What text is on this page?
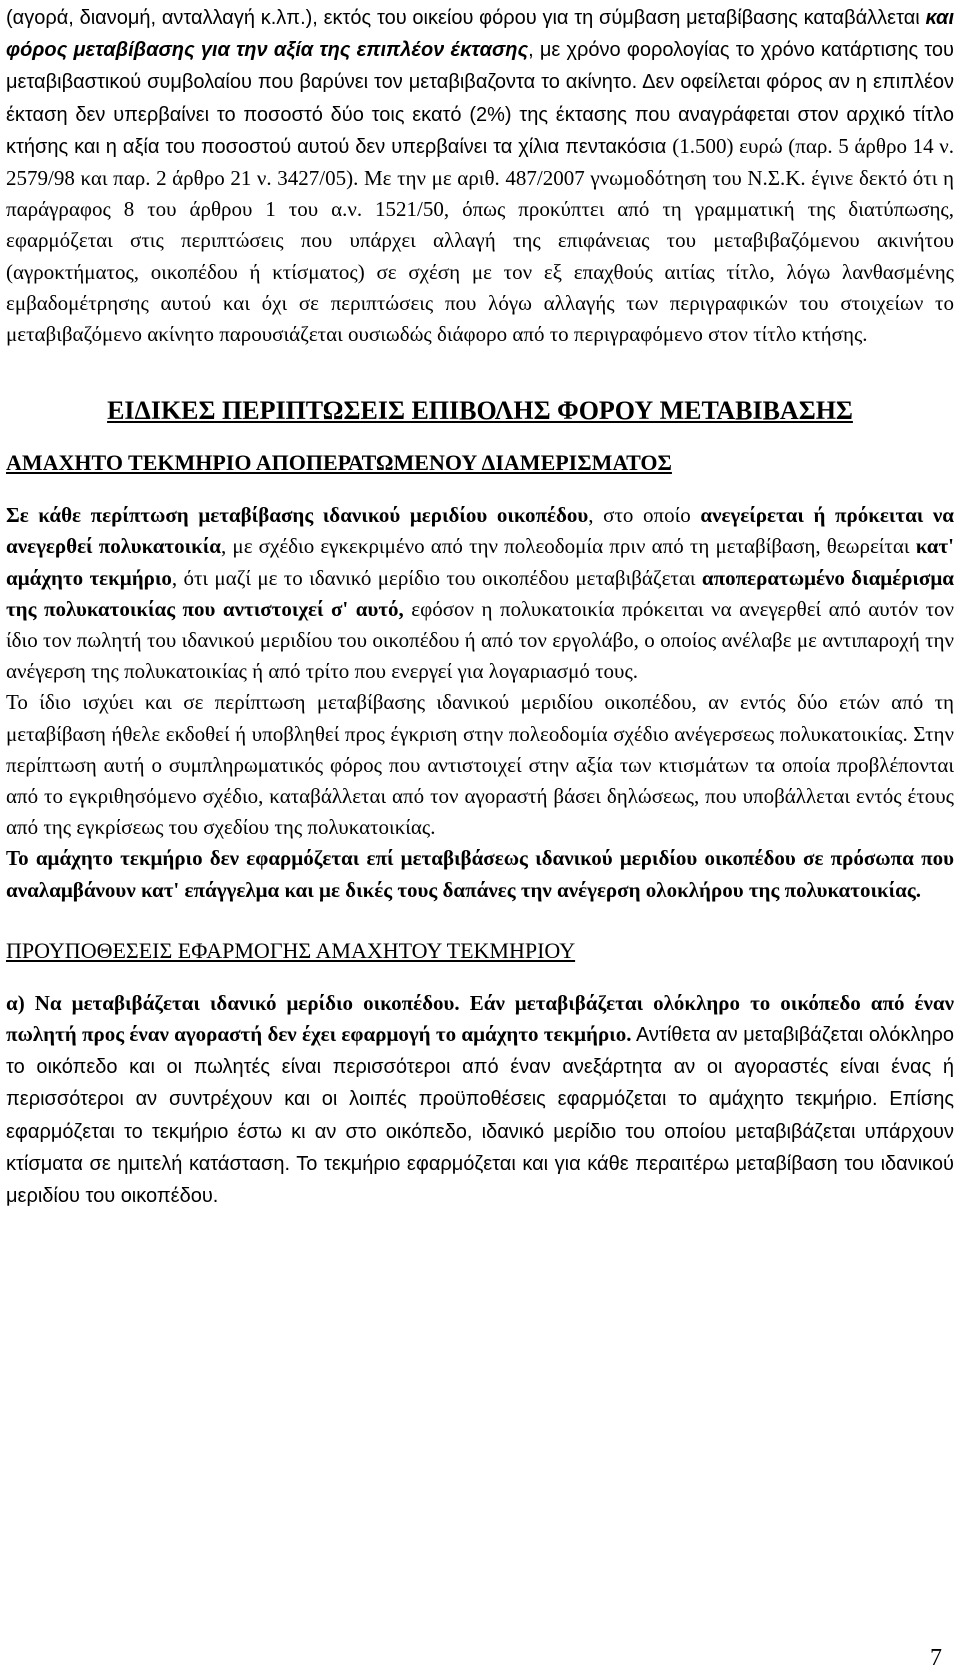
(αγορά, διανομή, ανταλλαγή κ.λπ.), εκτός του οικείου φόρου για τη σύμβαση μεταβίβασης καταβάλλεται και φόρος μεταβίβασης για την αξία της επιπλέον έκτασης, με χρόνο φορολογίας το χρόνο κατάρτισης του μεταβιβαστικού συμβολαίου που βαρύνει τον μεταβιβαζοντα το ακίνητο. Δεν οφείλεται φόρος αν η επιπλέον έκταση δεν υπερβαίνει το ποσοστό δύο τοις εκατό (2%) της έκτασης που αναγράφεται στον αρχικό τίτλο κτήσης και η αξία του ποσοστού αυτού δεν υπερβαίνει τα χίλια πεντακόσια (1.500) ευρώ (παρ. 5 άρθρο 14 ν. 2579/98 και παρ. 2 άρθρο 21 ν. 3427/05). Με την με αριθ. 487/2007 γνωμοδότηση του Ν.Σ.Κ. έγινε δεκτό ότι η παράγραφος 8 του άρθρου 1 του α.ν. 1521/50, όπως προκύπτει από τη γραμματική της διατύπωσης, εφαρμόζεται στις περιπτώσεις που υπάρχει αλλαγή της επιφάνειας του μεταβιβαζόμενου ακινήτου (αγροκτήματος, οικοπέδου ή κτίσματος) σε σχέση με τον εξ επαχθούς αιτίας τίτλο, λόγω λανθασμένης εμβαδομέτρησης αυτού και όχι σε περιπτώσεις που λόγω αλλαγής των περιγραφικών του στοιχείων το μεταβιβαζόμενο ακίνητο παρουσιάζεται ουσιωδώς διάφορο από το περιγραφόμενο στον τίτλο κτήσης.

ΕΙΔΙΚΕΣ ΠΕΡΙΠΤΩΣΕΙΣ ΕΠΙΒΟΛΗΣ ΦΟΡΟΥ ΜΕΤΑΒΙΒΑΣΗΣ
ΑΜΑΧΗΤΟ ΤΕΚΜΗΡΙΟ ΑΠΟΠΕΡΑΤΩΜΕΝΟΥ ΔΙΑΜΕΡΙΣΜΑΤΟΣ

Σε κάθε περίπτωση μεταβίβασης ιδανικού μεριδίου οικοπέδου, στο οποίο ανεγείρεται ή πρόκειται να ανεγερθεί πολυκατοικία, με σχέδιο εγκεκριμένο από την πολεοδομία πριν από τη μεταβίβαση, θεωρείται κατ' αμάχητο τεκμήριο, ότι μαζί με το ιδανικό μερίδιο του οικοπέδου μεταβιβάζεται αποπερατωμένο διαμέρισμα της πολυκατοικίας που αντιστοιχεί σ' αυτό, εφόσον η πολυκατοικία πρόκειται να ανεγερθεί από αυτόν τον ίδιο τον πωλητή του ιδανικού μεριδίου του οικοπέδου ή από τον εργολάβο, ο οποίος ανέλαβε με αντιπαροχή την ανέγερση της πολυκατοικίας ή από τρίτο που ενεργεί για λογαριασμό τους.

Το ίδιο ισχύει και σε περίπτωση μεταβίβασης ιδανικού μεριδίου οικοπέδου, αν εντός δύο ετών από τη μεταβίβαση ήθελε εκδοθεί ή υποβληθεί προς έγκριση στην πολεοδομία σχέδιο ανέγερσεως πολυκατοικίας. Στην περίπτωση αυτή ο συμπληρωματικός φόρος που αντιστοιχεί στην αξία των κτισμάτων τα οποία προβλέπονται από το εγκριθησόμενο σχέδιο, καταβάλλεται από τον αγοραστή βάσει δηλώσεως, που υποβάλλεται εντός έτους από της εγκρίσεως του σχεδίου της πολυκατοικίας.

Το αμάχητο τεκμήριο δεν εφαρμόζεται επί μεταβιβάσεως ιδανικού μεριδίου οικοπέδου σε πρόσωπα που αναλαμβάνουν κατ' επάγγελμα και με δικές τους δαπάνες την ανέγερση ολοκλήρου της πολυκατοικίας.

ΠΡΟΥΠΟΘΕΣΕΙΣ ΕΦΑΡΜΟΓΗΣ ΑΜΑΧΗΤΟΥ ΤΕΚΜΗΡΙΟΥ

α) Να μεταβιβάζεται ιδανικό μερίδιο οικοπέδου. Εάν μεταβιβάζεται ολόκληρο το οικόπεδο από έναν πωλητή προς έναν αγοραστή δεν έχει εφαρμογή το αμάχητο τεκμήριο. Αντίθετα αν μεταβιβάζεται ολόκληρο το οικόπεδο και οι πωλητές είναι περισσότεροι από έναν ανεξάρτητα αν οι αγοραστές είναι ένας ή περισσότεροι αν συντρέχουν και οι λοιπές προϋποθέσεις εφαρμόζεται το αμάχητο τεκμήριο. Επίσης εφαρμόζεται το τεκμήριο έστω κι αν στο οικόπεδο, ιδανικό μερίδιο του οποίου μεταβιβάζεται υπάρχουν κτίσματα σε ημιτελή κατάσταση. Το τεκμήριο εφαρμόζεται και για κάθε περαιτέρω μεταβίβαση του ιδανικού μεριδίου του οικοπέδου.

7
